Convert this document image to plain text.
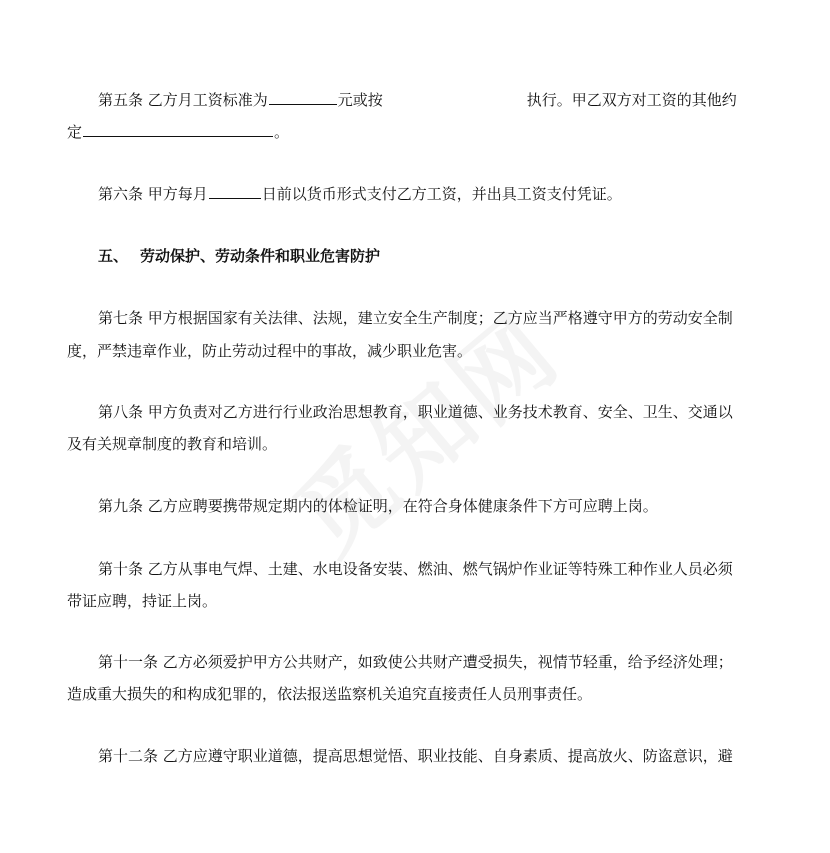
第五条 乙方月工资标准为	元或按	执行。甲乙双方对工资的其他约
定	。
第六条 甲方每月	日前以货币形式支付乙方工资，并出具工资支付凭证。
五、 劳动保护、劳动条件和职业危害防护
第七条 甲方根据国家有关法律、法规，建立安全生产制度；乙方应当严格遵守甲方的劳动安全制
度，严禁违章作业，防止劳动过程中的事故，减少职业危害。
第八条 甲方负责对乙方进行行业政治思想教育，职业道德、业务技术教育、安全、卫生、交通以
及有关规章制度的教育和培训。
第九条 乙方应聘要携带规定期内的体检证明，在符合身体健康条件下方可应聘上岗。
第十条 乙方从事电气焊、土建、水电设备安装、燃油、燃气锅炉作业证等特殊工种作业人员必须
带证应聘，持证上岗。
第十一条 乙方必须爱护甲方公共财产，如致使公共财产遭受损失，视情节轻重，给予经济处理；
造成重大损失的和构成犯罪的，依法报送监察机关追究直接责任人员刑事责任。
第十二条 乙方应遵守职业道德，提高思想觉悟、职业技能、自身素质、提高放火、防盗意识，避
